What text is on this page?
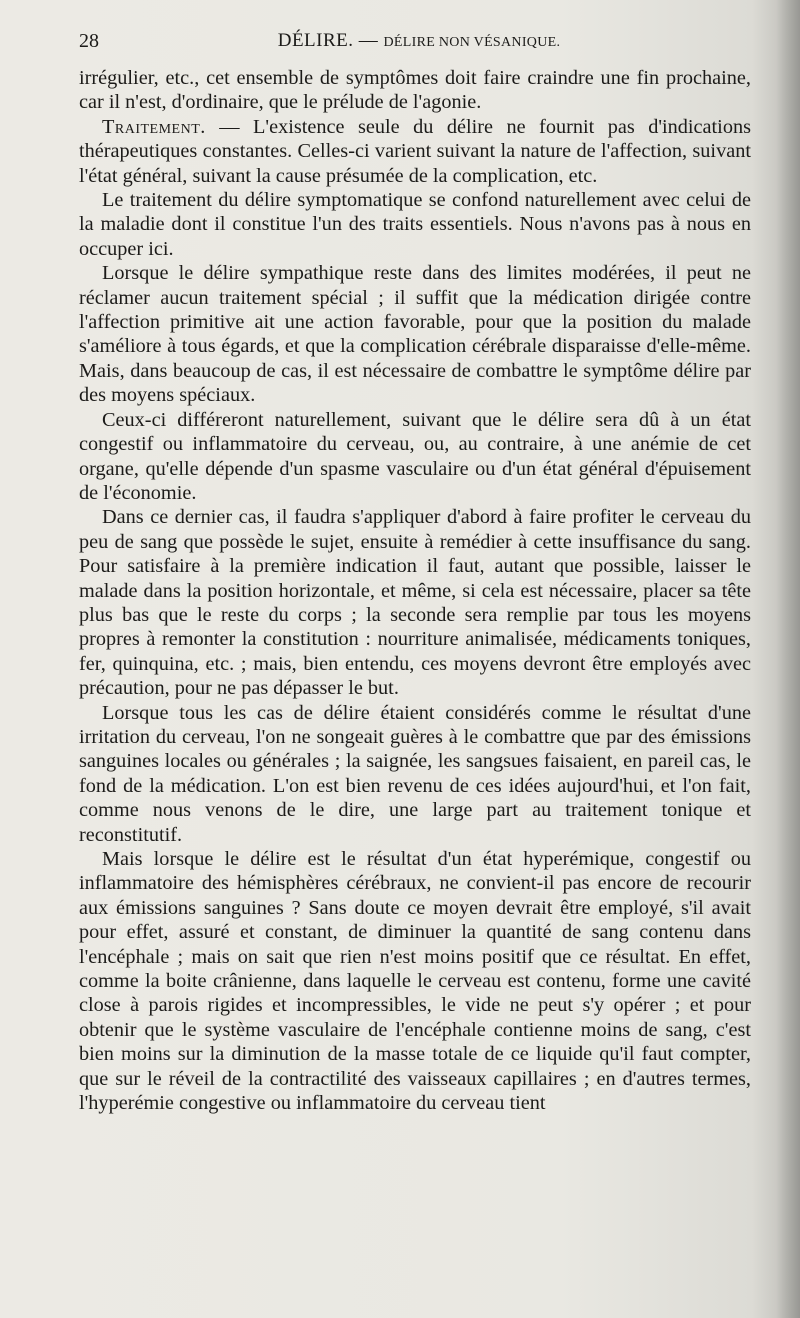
28	DÉLIRE. — DÉLIRE NON VÉSANIQUE.

irrégulier, etc., cet ensemble de symptômes doit faire craindre une fin prochaine, car il n'est, d'ordinaire, que le prélude de l'agonie.

Traitement. — L'existence seule du délire ne fournit pas d'indications thérapeutiques constantes. Celles-ci varient suivant la nature de l'affection, suivant l'état général, suivant la cause présumée de la complication, etc.

Le traitement du délire symptomatique se confond naturellement avec celui de la maladie dont il constitue l'un des traits essentiels. Nous n'avons pas à nous en occuper ici.

Lorsque le délire sympathique reste dans des limites modérées, il peut ne réclamer aucun traitement spécial ; il suffit que la médication dirigée contre l'affection primitive ait une action favorable, pour que la position du malade s'améliore à tous égards, et que la complication cérébrale disparaisse d'elle-même. Mais, dans beaucoup de cas, il est nécessaire de combattre le symptôme délire par des moyens spéciaux.

Ceux-ci différeront naturellement, suivant que le délire sera dû à un état congestif ou inflammatoire du cerveau, ou, au contraire, à une anémie de cet organe, qu'elle dépende d'un spasme vasculaire ou d'un état général d'épuisement de l'économie.

Dans ce dernier cas, il faudra s'appliquer d'abord à faire profiter le cerveau du peu de sang que possède le sujet, ensuite à remédier à cette insuffisance du sang. Pour satisfaire à la première indication il faut, autant que possible, laisser le malade dans la position horizontale, et même, si cela est nécessaire, placer sa tête plus bas que le reste du corps ; la seconde sera remplie par tous les moyens propres à remonter la constitution : nourriture animalisée, médicaments toniques, fer, quinquina, etc. ; mais, bien entendu, ces moyens devront être employés avec précaution, pour ne pas dépasser le but.

Lorsque tous les cas de délire étaient considérés comme le résultat d'une irritation du cerveau, l'on ne songeait guères à le combattre que par des émissions sanguines locales ou générales ; la saignée, les sangsues faisaient, en pareil cas, le fond de la médication. L'on est bien revenu de ces idées aujourd'hui, et l'on fait, comme nous venons de le dire, une large part au traitement tonique et reconstitutif.

Mais lorsque le délire est le résultat d'un état hyperémique, congestif ou inflammatoire des hémisphères cérébraux, ne convient-il pas encore de recourir aux émissions sanguines ? Sans doute ce moyen devrait être employé, s'il avait pour effet, assuré et constant, de diminuer la quantité de sang contenu dans l'encéphale ; mais on sait que rien n'est moins positif que ce résultat. En effet, comme la boite crânienne, dans laquelle le cerveau est contenu, forme une cavité close à parois rigides et incompressibles, le vide ne peut s'y opérer ; et pour obtenir que le système vasculaire de l'encéphale contienne moins de sang, c'est bien moins sur la diminution de la masse totale de ce liquide qu'il faut compter, que sur le réveil de la contractilité des vaisseaux capillaires ; en d'autres termes, l'hyperémie congestive ou inflammatoire du cerveau tient
